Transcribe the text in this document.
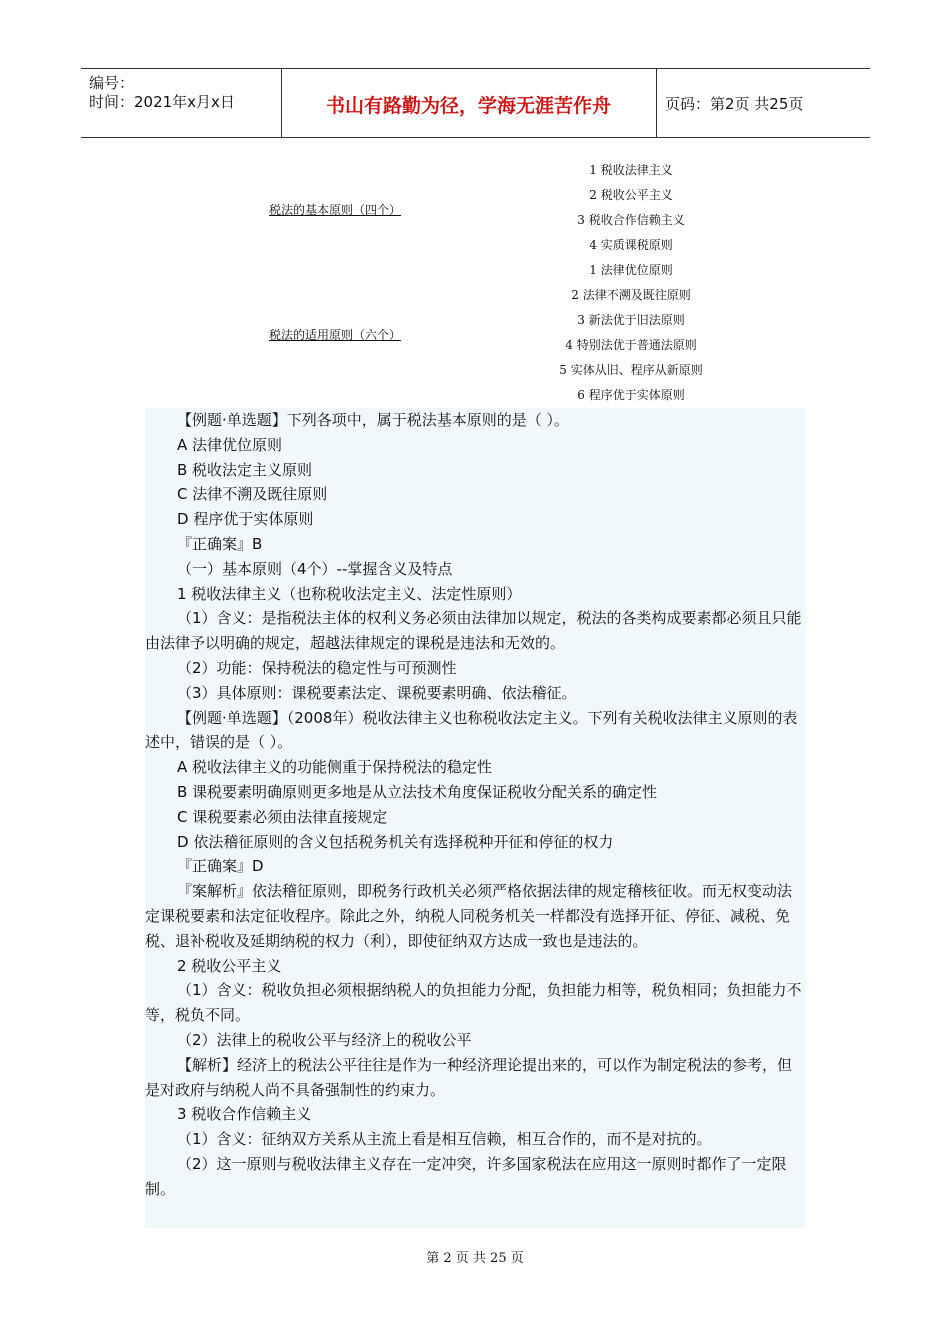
编号：
时间：2021年x月x日	书山有路勤为径，学海无涯苦作舟	页码：第2页 共25页
税法的基本原则（四个）
税法的适用原则（六个）
1 税收法律主义
2 税收公平主义
3 税收合作信赖主义
4 实质课税原则
1 法律优位原则
2 法律不溯及既往原则
3 新法优于旧法原则
4 特别法优于普通法原则
5 实体从旧、程序从新原则
6 程序优于实体原则

【例题·单选题】下列各项中，属于税法基本原则的是（ ）。

A 法律优位原则

B 税收法定主义原则

C 法律不溯及既往原则

D 程序优于实体原则

『正确案』B

（一）基本原则（4个）--掌握含义及特点

1 税收法律主义（也称税收法定主义、法定性原则）

（1）含义：是指税法主体的权利义务必须由法律加以规定，税法的各类构成要素都必须且只能由法律予以明确的规定，超越法律规定的课税是违法和无效的。

（2）功能：保持税法的稳定性与可预测性

（3）具体原则：课税要素法定、课税要素明确、依法稽征。

【例题·单选题】（2008年）税收法律主义也称税收法定主义。下列有关税收法律主义原则的表述中，错误的是（ ）。

A 税收法律主义的功能侧重于保持税法的稳定性

B 课税要素明确原则更多地是从立法技术角度保证税收分配关系的确定性

C 课税要素必须由法律直接规定

D 依法稽征原则的含义包括税务机关有选择税种开征和停征的权力

『正确案』D

『案解析』依法稽征原则，即税务行政机关必须严格依据法律的规定稽核征收。而无权变动法定课税要素和法定征收程序。除此之外，纳税人同税务机关一样都没有选择开征、停征、减税、免税、退补税收及延期纳税的权力（利），即使征纳双方达成一致也是违法的。

2 税收公平主义

（1）含义：税收负担必须根据纳税人的负担能力分配，负担能力相等，税负相同；负担能力不等，税负不同。

（2）法律上的税收公平与经济上的税收公平

【解析】经济上的税法公平往往是作为一种经济理论提出来的，可以作为制定税法的参考，但是对政府与纳税人尚不具备强制性的约束力。

3 税收合作信赖主义

（1）含义：征纳双方关系从主流上看是相互信赖，相互合作的，而不是对抗的。

（2）这一原则与税收法律主义存在一定冲突，许多国家税法在应用这一原则时都作了一定限制。

第 2 页 共 25 页
